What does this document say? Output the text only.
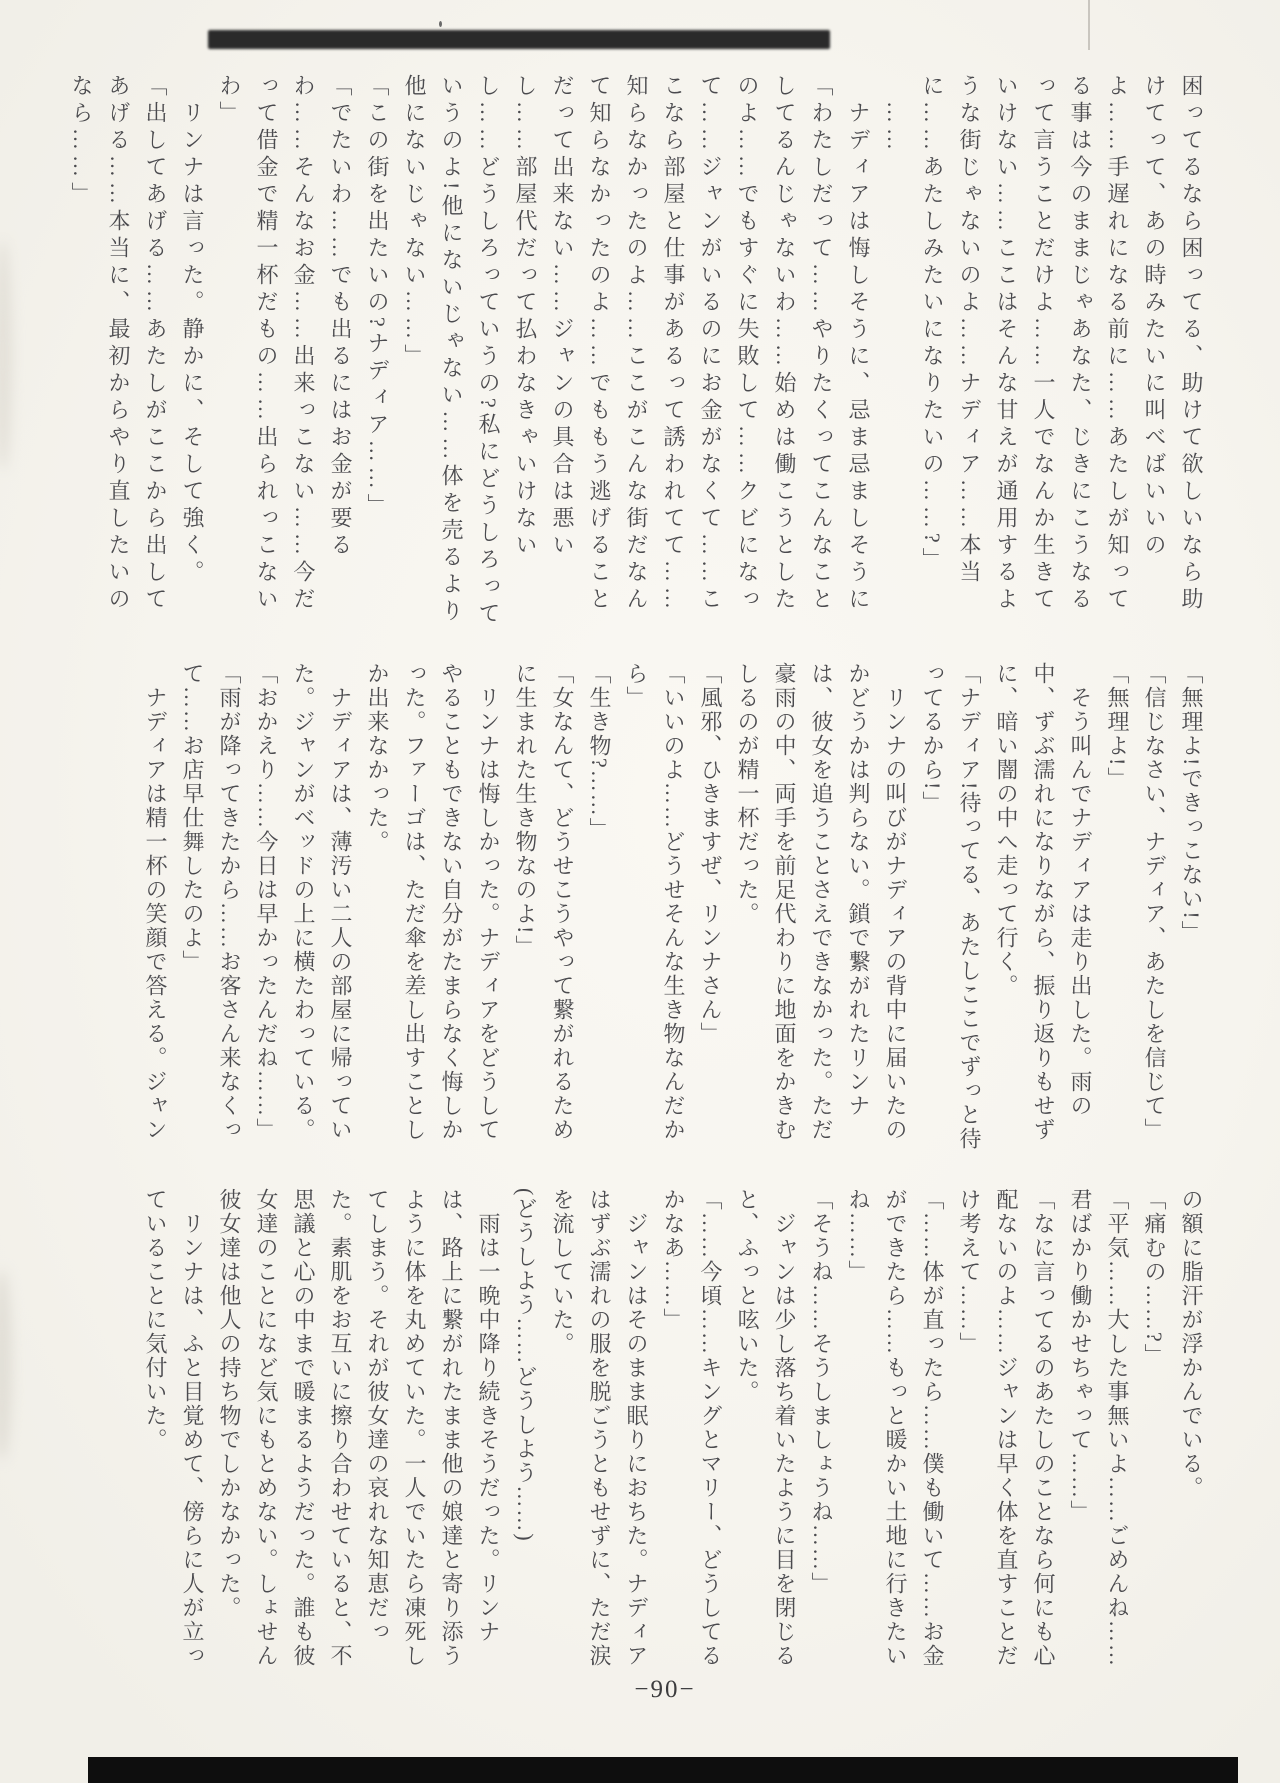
困ってるなら困ってる、助けて欲しいなら助けてって、あの時みたいに叫べばいいのよ……手遅れになる前に……あたしが知ってる事は今のままじゃあなた、じきにこうなるって言うことだけよ……一人でなんか生きていけない……ここはそんな甘えが通用するような街じゃないのよ……ナディア……本当に……あたしみたいになりたいの……?」

　……

　ナディアは悔しそうに、忌ま忌ましそうに

「わたしだって……やりたくってこんなことしてるんじゃないわ……始めは働こうとしたのよ……でもすぐに失敗して……クビになって……ジャンがいるのにお金がなくて……ここなら部屋と仕事があるって誘われてて……知らなかったのよ……ここがこんな街だなんて知らなかったのよ……でももう逃げることだって出来ない……ジャンの具合は悪いし……部屋代だって払わなきゃいけないし……どうしろっていうの?私にどうしろっていうのよ!他にないじゃない……体を売るより他にないじゃない……」

「この街を出たいの?ナディア……」

「でたいわ……でも出るにはお金が要るわ……そんなお金……出来っこない……今だって借金で精一杯だもの……出られっこないわ」

　リンナは言った。静かに、そして強く。

「出してあげる……あたしがここから出してあげる……本当に、最初からやり直したいのなら……」

「無理よ!できっこない!」

「信じなさい、ナディア、あたしを信じて」

「無理よ!」

　そう叫んでナディアは走り出した。雨の中、ずぶ濡れになりながら、振り返りもせずに、暗い闇の中へ走って行く。

「ナディア!待ってる、あたしここでずっと待ってるから!」

　リンナの叫びがナディアの背中に届いたのかどうかは判らない。鎖で繋がれたリンナは、彼女を追うことさえできなかった。ただ豪雨の中、両手を前足代わりに地面をかきむしるのが精一杯だった。

「風邪、ひきますぜ、リンナさん」

「いいのよ……どうせそんな生き物なんだから」

「生き物?……」

「女なんて、どうせこうやって繋がれるために生まれた生き物なのよ!」

　リンナは悔しかった。ナディアをどうしてやることもできない自分がたまらなく悔しかった。ファーゴは、ただ傘を差し出すことしか出来なかった。

　ナディアは、薄汚い二人の部屋に帰っていた。ジャンがベッドの上に横たわっている。

「おかえり……今日は早かったんだね……」

「雨が降ってきたから……お客さん来なくって……お店早仕舞したのよ」

　ナディアは精一杯の笑顔で答える。ジャン

の額に脂汗が浮かんでいる。

「痛むの……?」

「平気……大した事無いよ……ごめんね……君ばかり働かせちゃって……」

「なに言ってるのあたしのことなら何にも心配ないのよ……ジャンは早く体を直すことだけ考えて……」

「……体が直ったら……僕も働いて……お金ができたら……もっと暖かい土地に行きたいね……」

「そうね……そうしましょうね……」

　ジャンは少し落ち着いたように目を閉じると、ふっと呟いた。

「……今頃……キングとマリー、どうしてるかなあ……」

　ジャンはそのまま眠りにおちた。ナディアはずぶ濡れの服を脱ごうともせずに、ただ涙を流していた。

(どうしよう……どうしよう……)

　雨は一晩中降り続きそうだった。リンナは、路上に繋がれたまま他の娘達と寄り添うように体を丸めていた。一人でいたら凍死してしまう。それが彼女達の哀れな知恵だった。素肌をお互いに擦り合わせていると、不思議と心の中まで暖まるようだった。誰も彼女達のことになど気にもとめない。しょせん彼女達は他人の持ち物でしかなかった。

　リンナは、ふと目覚めて、傍らに人が立っていることに気付いた。

−90−
